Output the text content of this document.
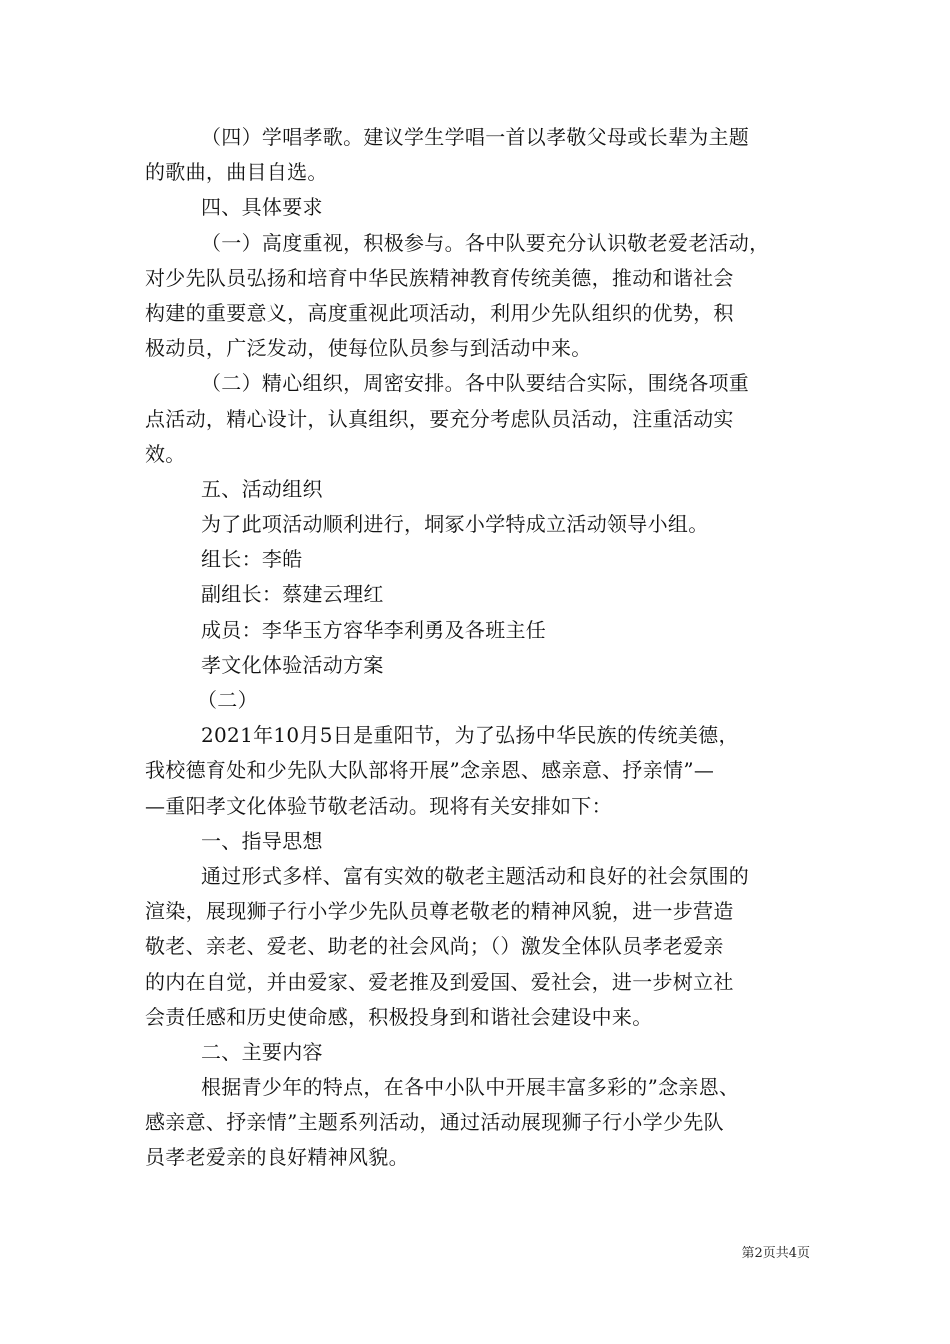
（四）学唱孝歌。建议学生学唱一首以孝敬父母或长辈为主题
的歌曲，曲目自选。
四、具体要求
（一）高度重视，积极参与。各中队要充分认识敬老爱老活动，
对少先队员弘扬和培育中华民族精神教育传统美德，推动和谐社会
构建的重要意义，高度重视此项活动，利用少先队组织的优势，积
极动员，广泛发动，使每位队员参与到活动中来。
（二）精心组织，周密安排。各中队要结合实际，围绕各项重
点活动，精心设计，认真组织，要充分考虑队员活动，注重活动实
效。
五、活动组织
为了此项活动顺利进行，垌冢小学特成立活动领导小组。
组长：李皓
副组长：蔡建云理红
成员：李华玉方容华李利勇及各班主任
孝文化体验活动方案
（二）
2021年10月5日是重阳节，为了弘扬中华民族的传统美德，
我校德育处和少先队大队部将开展”念亲恩、感亲意、抒亲情”—
—重阳孝文化体验节敬老活动。现将有关安排如下：
一、指导思想
通过形式多样、富有实效的敬老主题活动和良好的社会氛围的
渲染，展现狮子行小学少先队员尊老敬老的精神风貌，进一步营造
敬老、亲老、爱老、助老的社会风尚；（）激发全体队员孝老爱亲
的内在自觉，并由爱家、爱老推及到爱国、爱社会，进一步树立社
会责任感和历史使命感，积极投身到和谐社会建设中来。
二、主要内容
根据青少年的特点，在各中小队中开展丰富多彩的”念亲恩、
感亲意、抒亲情”主题系列活动，通过活动展现狮子行小学少先队
员孝老爱亲的良好精神风貌。
第2页共4页
